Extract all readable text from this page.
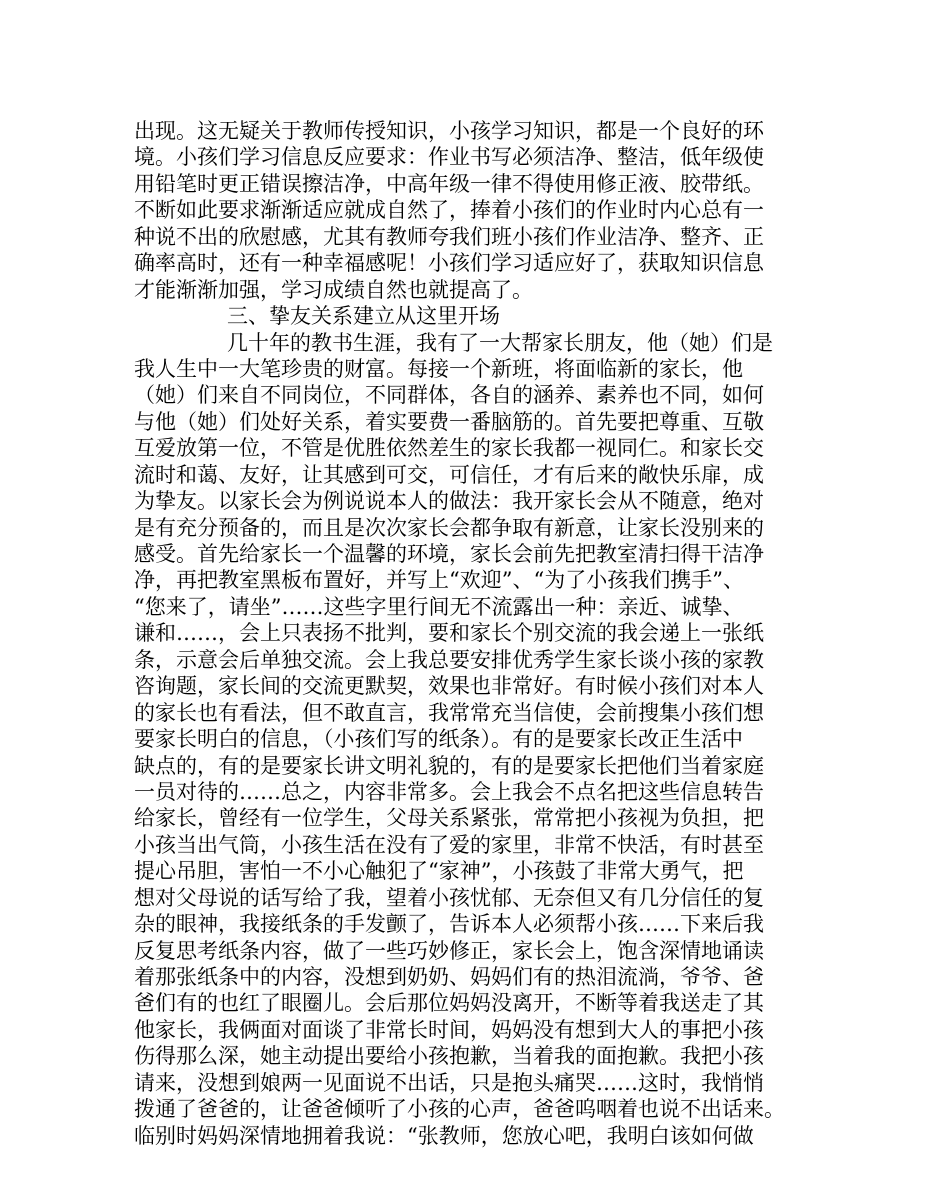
出现。这无疑关于教师传授知识，小孩学习知识，都是一个良好的环
境。小孩们学习信息反应要求：作业书写必须洁净、整洁，低年级使
用铅笔时更正错误擦洁净，中高年级一律不得使用修正液、胶带纸。
不断如此要求渐渐适应就成自然了，捧着小孩们的作业时内心总有一
种说不出的欣慰感，尤其有教师夸我们班小孩们作业洁净、整齐、正
确率高时，还有一种幸福感呢！小孩们学习适应好了，获取知识信息
才能渐渐加强，学习成绩自然也就提高了。
三、挚友关系建立从这里开场
几十年的教书生涯，我有了一大帮家长朋友，他（她）们是
我人生中一大笔珍贵的财富。每接一个新班，将面临新的家长，他
（她）们来自不同岗位，不同群体，各自的涵养、素养也不同，如何
与他（她）们处好关系，着实要费一番脑筋的。首先要把尊重、互敬
互爱放第一位，不管是优胜依然差生的家长我都一视同仁。和家长交
流时和蔼、友好，让其感到可交，可信任，才有后来的敞快乐扉，成
为挚友。以家长会为例说说本人的做法：我开家长会从不随意，绝对
是有充分预备的，而且是次次家长会都争取有新意，让家长没别来的
感受。首先给家长一个温馨的环境，家长会前先把教室清扫得干洁净
净，再把教室黑板布置好，并写上“欢迎”、“为了小孩我们携手”、
“您来了，请坐”……这些字里行间无不流露出一种：亲近、诚挚、
谦和……，会上只表扬不批判，要和家长个别交流的我会递上一张纸
条，示意会后单独交流。会上我总要安排优秀学生家长谈小孩的家教
咨询题，家长间的交流更默契，效果也非常好。有时候小孩们对本人
的家长也有看法，但不敢直言，我常常充当信使，会前搜集小孩们想
要家长明白的信息，（小孩们写的纸条）。有的是要家长改正生活中
缺点的，有的是要家长讲文明礼貌的，有的是要家长把他们当着家庭
一员对待的……总之，内容非常多。会上我会不点名把这些信息转告
给家长，曾经有一位学生，父母关系紧张，常常把小孩视为负担，把
小孩当出气筒，小孩生活在没有了爱的家里，非常不快活，有时甚至
提心吊胆，害怕一不小心触犯了“家神”，小孩鼓了非常大勇气，把
想对父母说的话写给了我，望着小孩忧郁、无奈但又有几分信任的复
杂的眼神，我接纸条的手发颤了，告诉本人必须帮小孩……下来后我
反复思考纸条内容，做了一些巧妙修正，家长会上，饱含深情地诵读
着那张纸条中的内容，没想到奶奶、妈妈们有的热泪流淌，爷爷、爸
爸们有的也红了眼圈儿。会后那位妈妈没离开，不断等着我送走了其
他家长，我俩面对面谈了非常长时间，妈妈没有想到大人的事把小孩
伤得那么深，她主动提出要给小孩抱歉，当着我的面抱歉。我把小孩
请来，没想到娘两一见面说不出话，只是抱头痛哭……这时，我悄悄
拨通了爸爸的，让爸爸倾听了小孩的心声，爸爸呜咽着也说不出话来。
临别时妈妈深情地拥着我说：“张教师，您放心吧，我明白该如何做
